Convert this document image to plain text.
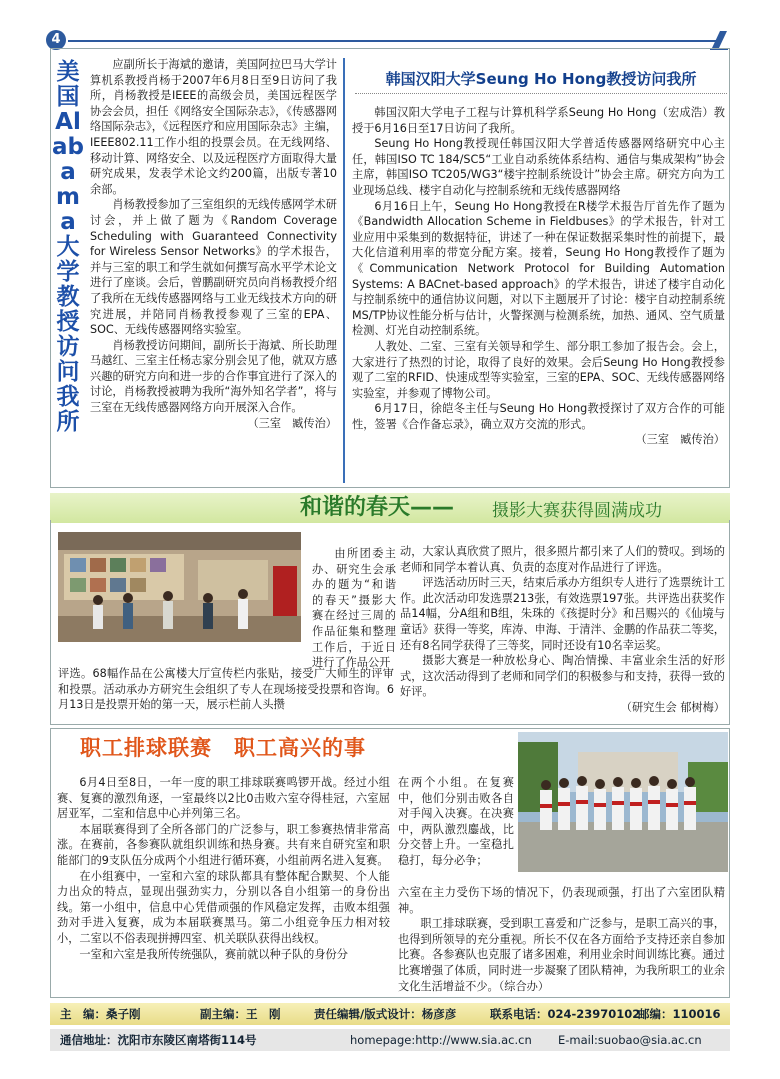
4
美国Alabama大学教授访问我所

应副所长于海斌的邀请，美国阿拉巴马大学计算机系教授肖杨于2007年6月8日至9日访问了我所，肖杨教授是IEEE的高级会员，美国远程医学协会会员，担任《网络安全国际杂志》，《传感器网络国际杂志》，《远程医疗和应用国际杂志》主编，IEEE802.11工作小组的投票会员。在无线网络、移动计算、网络安全、以及远程医疗方面取得大量研究成果，发表学术论文约200篇，出版专著10余部。

肖杨教授参加了三室组织的无线传感网学术研讨会，并上做了题为《Random Coverage Scheduling with Guaranteed Connectivity for Wireless Sensor Networks》的学术报告，并与三室的职工和学生就如何撰写高水平学术论文进行了座谈。会后，曾鹏副研究员向肖杨教授介绍了我所在无线传感器网络与工业无线技术方向的研究进展，并陪同肖杨教授参观了三室的EPA、SOC、无线传感器网络实验室。

肖杨教授访问期间，副所长于海斌、所长助理马越红、三室主任杨志家分别会见了他，就双方感兴趣的研究方向和进一步的合作事宜进行了深入的讨论，肖杨教授被聘为我所“海外知名学者”，将与三室在无线传感器网络方向开展深入合作。

（三室　臧传治）
韩国汉阳大学Seung Ho Hong教授访问我所

韩国汉阳大学电子工程与计算机科学系Seung Ho Hong（宏成浩）教授于6月16日至17日访问了我所。

Seung Ho Hong教授现任韩国汉阳大学普适传感器网络研究中心主任，韩国ISO TC 184/SC5“工业自动系统体系结构、通信与集成架构”协会主席，韩国ISO TC205/WG3“楼宇控制系统设计”协会主席。研究方向为工业现场总线、楼宇自动化与控制系统和无线传感器网络

6月16日上午，Seung Ho Hong教授在R楼学术报告厅首先作了题为《Bandwidth Allocation Scheme in Fieldbuses》的学术报告，针对工业应用中采集到的数据特征，讲述了一种在保证数据采集时性的前提下，最大化信道利用率的带宽分配方案。接着，Seung Ho Hong教授作了题为《Communication Network Protocol for Building Automation Systems: A BACnet-based approach》的学术报告，讲述了楼宇自动化与控制系统中的通信协议问题，对以下主题展开了讨论：楼宇自动控制系统MS/TP协议性能分析与估计，火警探测与检测系统，加热、通风、空气质量检测、灯光自动控制系统。

人教处、二室、三室有关领导和学生、部分职工参加了报告会。会上，大家进行了热烈的讨论，取得了良好的效果。会后Seung Ho Hong教授参观了二室的RFID、快速成型等实验室，三室的EPA、SOC、无线传感器网络实验室，并参观了博物公司。

6月17日，徐皑冬主任与Seung Ho Hong教授探讨了双方合作的可能性，签署《合作备忘录》，确立双方交流的形式。

（三室　臧传治）
和谐的春天—— 摄影大赛获得圆满成功
由所团委主办、研究生会承办的题为“和谐的春天”摄影大赛在经过三周的作品征集和整理工作后，于近日进行了作品公开
评选。68幅作品在公寓楼大厅宣传栏内张贴，接受广大师生的评审和投票。活动承办方研究生会组织了专人在现场接受投票和咨询。6月13日是投票开始的第一天，展示栏前人头攒
动，大家认真欣赏了照片，很多照片都引来了人们的赞叹。到场的老师和同学本着认真、负责的态度对作品进行了评选。

评选活动历时三天，结束后承办方组织专人进行了选票统计工作。此次活动印发选票213张，有效选票197张。共评选出获奖作品14幅，分A组和B组，朱珠的《孩提时分》和吕赐兴的《仙境与童话》获得一等奖，库涛、申海、于清泮、金鹏的作品获二等奖，还有8名同学获得了三等奖，同时还设有10名幸运奖。

摄影大赛是一种放松身心、陶冶情操、丰富业余生活的好形式，这次活动得到了老师和同学们的积极参与和支持，获得一致的好评。

（研究生会 郁树梅）
职工排球联赛　职工高兴的事

6月4日至8日，一年一度的职工排球联赛鸣锣开战。经过小组赛、复赛的激烈角逐，一室最终以2比0击败六室夺得桂冠，六室屈居亚军，二室和信息中心并列第三名。

本届联赛得到了全所各部门的广泛参与，职工参赛热情非常高涨。在赛前，各参赛队就组织训练和热身赛。共有来自研究室和职能部门的9支队伍分成两个小组进行循环赛，小组前两名进入复赛。

在小组赛中，一室和六室的球队都具有整体配合默契、个人能力出众的特点，显现出强劲实力，分别以各自小组第一的身份出线。第一小组中，信息中心凭借顽强的作风稳定发挥，击败本组强劲对手进入复赛，成为本届联赛黑马。第二小组竞争压力相对较小，二室以不俗表现拼搏四室、机关联队获得出线权。

一室和六室是我所传统强队，赛前就以种子队的身份分

在两个小组。在复赛中，他们分别击败各自对手闯入决赛。在决赛中，两队激烈鏖战，比分交替上升。一室稳扎稳打，每分必争；
六室在主力受伤下场的情况下，仍表现顽强，打出了六室团队精神。

职工排球联赛，受到职工喜爱和广泛参与，是职工高兴的事，也得到所领导的充分重视。所长不仅在各方面给予支持还亲自参加比赛。各参赛队也克服了诸多困难，利用业余时间训练比赛。通过比赛增强了体质，同时进一步凝聚了团队精神，为我所职工的业余文化生活增益不少。（综合办）

主　编：桑子刚	副主编：王　刚	责任编辑/版式设计：杨彦彦	联系电话：024-23970102
邮编：110016
通信地址：沈阳市东陵区南塔街114号	homepage:http://www.sia.ac.cn E-mail:suobao@sia.ac.cn
